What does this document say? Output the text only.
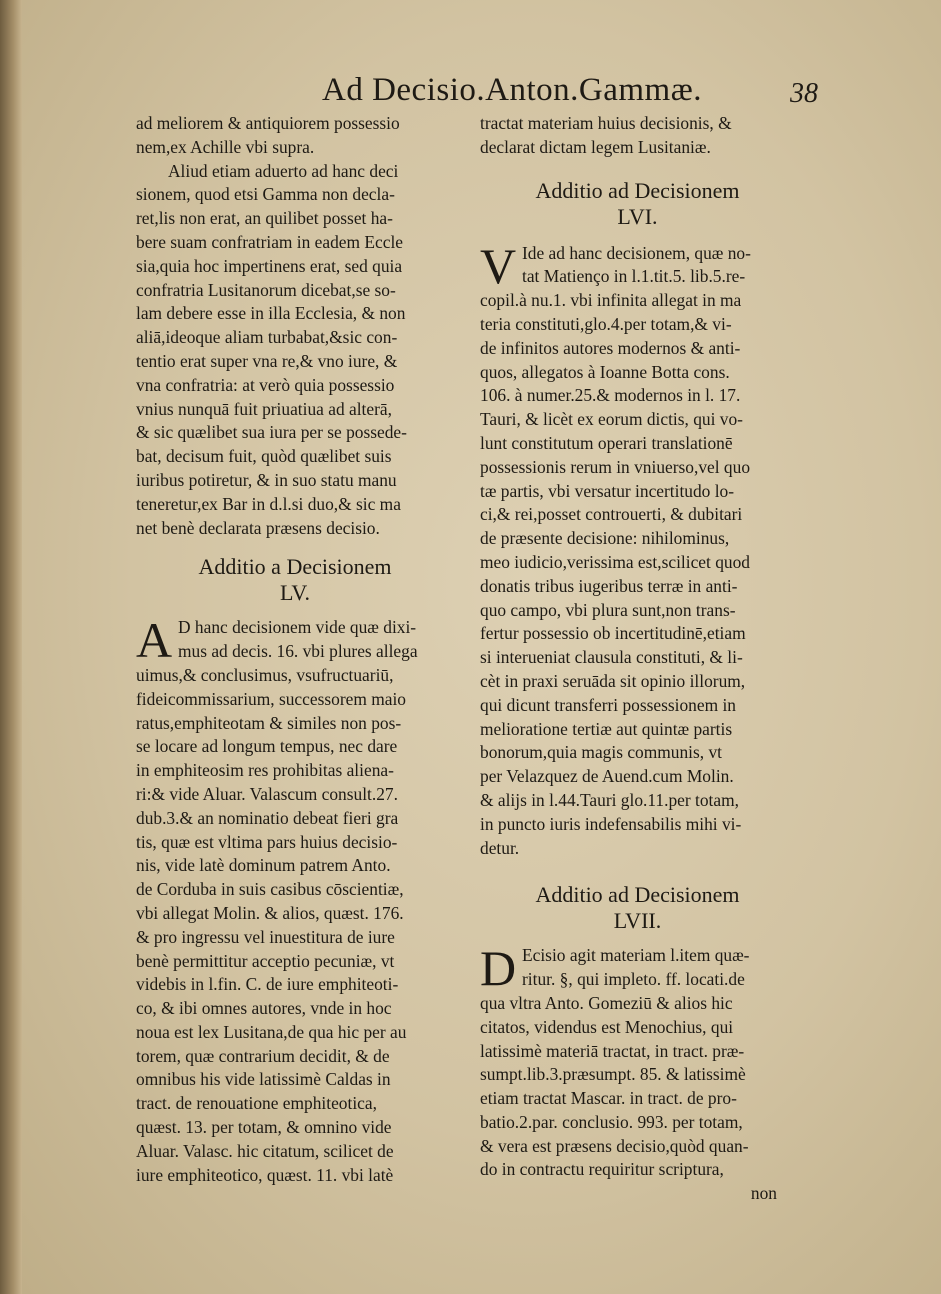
Ad Decisio.Anton.Gammæ.	38
ad meliorem & antiquiorem possessio
nem,ex Achille vbi supra.
Aliud etiam aduerto ad hanc deci
sionem, quod etsi Gamma non decla-
ret,lis non erat, an quilibet posset ha-
bere suam confratriam in eadem Eccle
sia,quia hoc impertinens erat, sed quia
confratria Lusitanorum dicebat,se so-
lam debere esse in illa Ecclesia, & non
aliā,ideoque aliam turbabat,&sic con-
tentio erat super vna re,& vno iure, &
vna confratria: at verò quia possessio
vnius nunquā fuit priuatiua ad alterā,
& sic quælibet sua iura per se possede-
bat, decisum fuit, quòd quælibet suis
iuribus potiretur, & in suo statu manu
teneretur,ex Bar in d.l.si duo,& sic ma
net benè declarata præsens decisio.
Additio a Decisionem
LV.
A D hanc decisionem vide quæ dixi-
mus ad decis. 16. vbi plures allega
uimus,& conclusimus, vsufructuariū,
fideicommissarium, successorem maio
ratus,emphiteotam & similes non pos-
se locare ad longum tempus, nec dare
in emphiteosim res prohibitas aliena-
ri:& vide Aluar. Valascum consult.27.
dub.3.& an nominatio debeat fieri gra
tis, quæ est vltima pars huius decisio-
nis, vide latè dominum patrem Anto.
de Corduba in suis casibus cōscientiæ,
vbi allegat Molin. & alios, quæst. 176.
& pro ingressu vel inuestitura de iure
benè permittitur acceptio pecuniæ, vt
videbis in l.fin. C. de iure emphiteoti-
co, & ibi omnes autores, vnde in hoc
noua est lex Lusitana,de qua hic per au
torem, quæ contrarium decidit, & de
omnibus his vide latissimè Caldas in
tract. de renouatione emphiteotica,
quæst. 13. per totam, & omnino vide
Aluar. Valasc. hic citatum, scilicet de
iure emphiteotico, quæst. 11. vbi latè
tractat materiam huius decisionis, &
declarat dictam legem Lusitaniæ.
Additio ad Decisionem
LVI.
V Ide ad hanc decisionem, quæ no-
tat Matienço in l.1.tit.5. lib.5.re-
copil.à nu.1. vbi infinita allegat in ma
teria constituti,glo.4.per totam,& vi-
de infinitos autores modernos & anti-
quos, allegatos à Ioanne Botta cons.
106. à numer.25.& modernos in l. 17.
Tauri, & licèt ex eorum dictis, qui vo-
lunt constitutum operari translationē
possessionis rerum in vniuerso,vel quo
tæ partis, vbi versatur incertitudo lo-
ci,& rei,posset controuerti, & dubitari
de præsente decisione: nihilominus,
meo iudicio,verissima est,scilicet quod
donatis tribus iugeribus terræ in anti-
quo campo, vbi plura sunt,non trans-
fertur possessio ob incertitudinē,etiam
si interueniat clausula constituti, & li-
cèt in praxi seruāda sit opinio illorum,
qui dicunt transferri possessionem in
melioratione tertiæ aut quintæ partis
bonorum,quia magis communis, vt
per Velazquez de Auend.cum Molin.
& alijs in l.44.Tauri glo.11.per totam,
in puncto iuris indefensabilis mihi vi-
detur.
Additio ad Decisionem
LVII.
D Ecisio agit materiam l.item quæ-
ritur. §, qui impleto. ff. locati.de
qua vltra Anto. Gomeziū & alios hic
citatos, videndus est Menochius, qui
latissimè materiā tractat, in tract. præ-
sumpt.lib.3.præsumpt. 85. & latissimè
etiam tractat Mascar. in tract. de pro-
batio.2.par. conclusio. 993. per totam,
& vera est præsens decisio,quòd quan-
do in contractu requiritur scriptura,
non
